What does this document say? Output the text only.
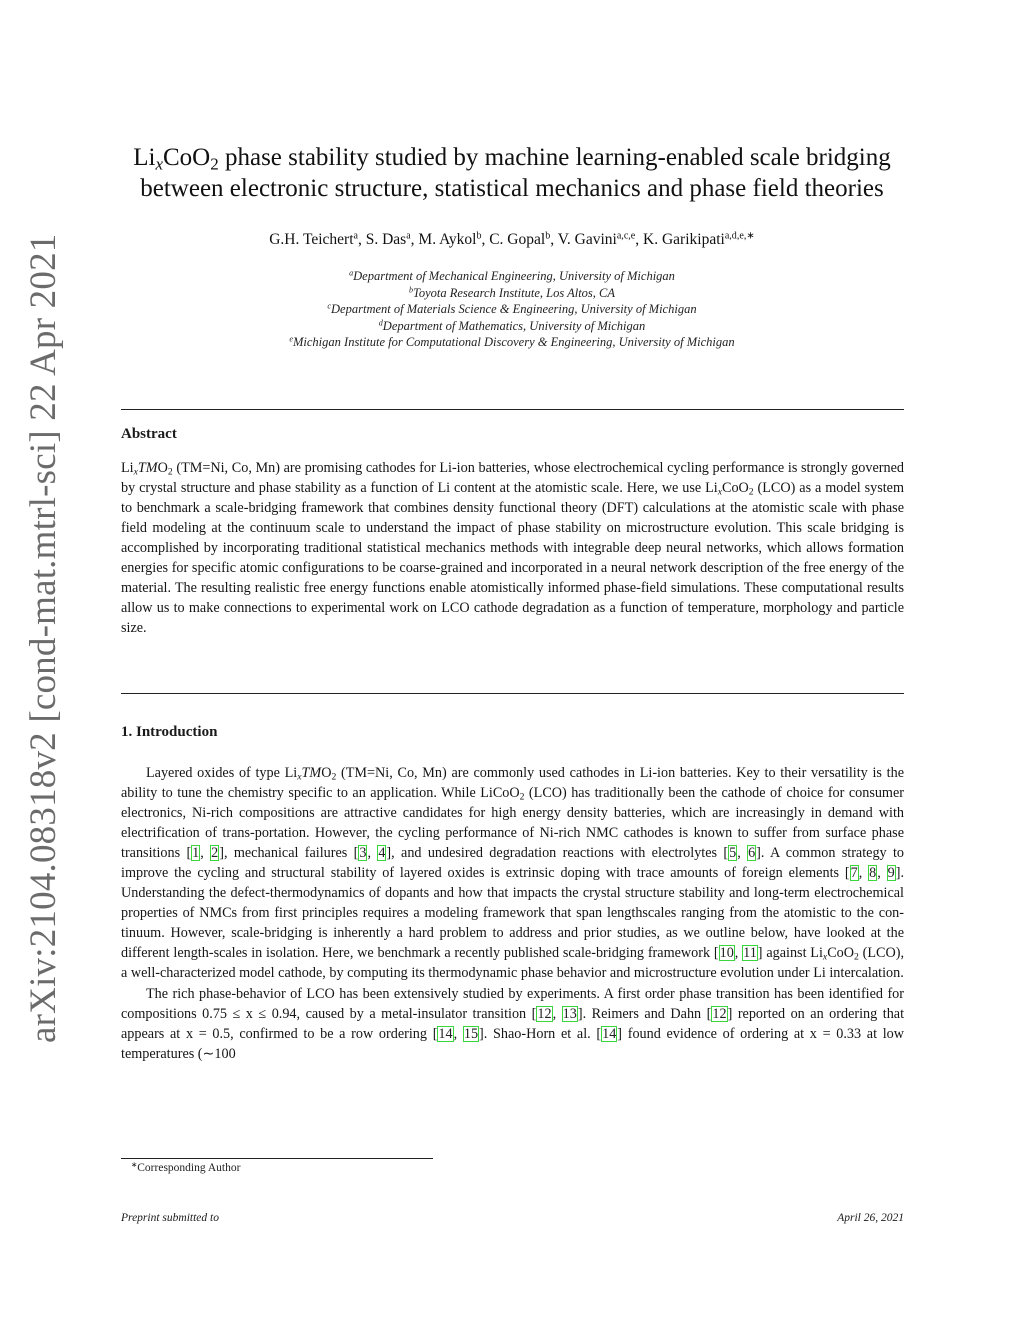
arXiv:2104.08318v2 [cond-mat.mtrl-sci] 22 Apr 2021
$Li_xCoO_2$ phase stability studied by machine learning-enabled scale bridging
between electronic structure, statistical mechanics and phase field theories
G.H. Teichert$^a$, S. Das$^a$, M. Aykol$^b$, C. Gopal$^b$, V. Gavini$^{a,c,e}$, K. Garikipati$^{a,d,e,∗}$
$^a$Department of Mechanical Engineering, University of Michigan
$^b$Toyota Research Institute, Los Altos, CA
$^c$Department of Materials Science & Engineering, University of Michigan
$^d$Department of Mathematics, University of Michigan
$^e$Michigan Institute for Computational Discovery & Engineering, University of Michigan
Abstract

$Li_xTMO_2$ (TM=Ni, Co, Mn) are promising cathodes for Li-ion batteries, whose electrochemical cycling performance is strongly governed by crystal structure and phase stability as a function of Li content at the atomistic scale. Here, we use $Li_xCoO_2$ (LCO) as a model system to benchmark a scale-bridging framework that combines density functional theory (DFT) calculations at the atomistic scale with phase field modeling at the continuum scale to understand the impact of phase stability on microstructure evolution. This scale bridging is accomplished by incorporating traditional statistical mechanics methods with integrable deep neural networks, which allows formation energies for specific atomic configurations to be coarse-grained and incorporated in a neural network description of the free energy of the material. The resulting realistic free energy functions enable atomistically informed phase-field simulations. These computational results allow us to make connections to experimental work on LCO cathode degradation as a function of temperature, morphology and particle size.

1. Introduction

Layered oxides of type $Li_xTMO_2$ (TM=Ni, Co, Mn) are commonly used cathodes in Li-ion batteries. Key to their versatility is the ability to tune the chemistry specific to an application. While LiCoO$_2$ (LCO) has traditionally been the cathode of choice for consumer electronics, Ni-rich compositions are attractive candidates for high energy density batteries, which are increasingly in demand with electrification of trans-portation. However, the cycling performance of Ni-rich NMC cathodes is known to suffer from surface phase transitions [1, 2], mechanical failures [3, 4], and undesired degradation reactions with electrolytes [5, 6]. A common strategy to improve the cycling and structural stability of layered oxides is extrinsic doping with trace amounts of foreign elements [7, 8, 9]. Understanding the defect-thermodynamics of dopants and how that impacts the crystal structure stability and long-term electrochemical properties of NMCs from first principles requires a modeling framework that span lengthscales ranging from the atomistic to the con-tinuum. However, scale-bridging is inherently a hard problem to address and prior studies, as we outline below, have looked at the different length-scales in isolation. Here, we benchmark a recently published scale-bridging framework [10, 11] against $Li_xCoO_2$ (LCO), a well-characterized model cathode, by computing its thermodynamic phase behavior and microstructure evolution under Li intercalation.

The rich phase-behavior of LCO has been extensively studied by experiments. A first order phase transition has been identified for compositions 0.75 ≤ x ≤ 0.94, caused by a metal-insulator transition [12, 13]. Reimers and Dahn [12] reported on an ordering that appears at x = 0.5, confirmed to be a row ordering [14, 15]. Shao-Horn et al. [14] found evidence of ordering at x = 0.33 at low temperatures (∼100

∗Corresponding Author
Preprint submitted to	April 26, 2021
